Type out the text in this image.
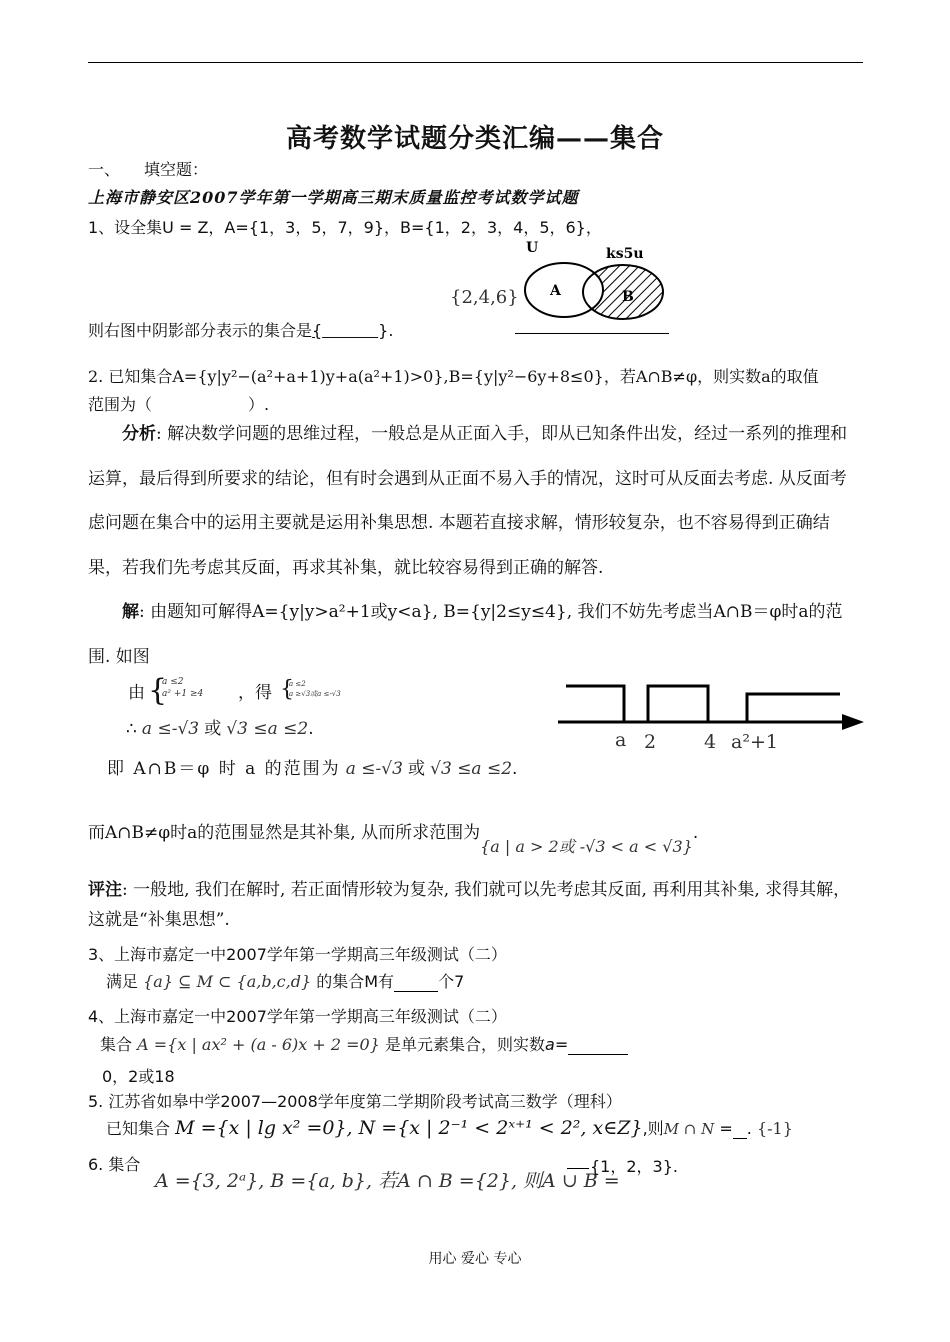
高考数学试题分类汇编——集合
一、　　填空题：
上海市静安区2007学年第一学期高三期末质量监控考试数学试题
1、设全集U = Z，A={1，3，5，7，9}，B={1，2，3，4，5，6}，
U	ks5u
A	B
{2,4,6}
则右图中阴影部分表示的集合是{	}.
2. 已知集合A={y|y²−(a²+a+1)y+a(a²+1)>0},B={y|y²−6y+8≤0}，若A∩B≠φ，则实数a的取值
范围为（　　　　　　）.
分析: 解决数学问题的思维过程，一般总是从正面入手，即从已知条件出发，经过一系列的推理和运算，最后得到所要求的结论，但有时会遇到从正面不易入手的情况，这时可从反面去考虑. 从反面考虑问题在集合中的运用主要就是运用补集思想. 本题若直接求解，情形较复杂，也不容易得到正确结果，若我们先考虑其反面，再求其补集，就比较容易得到正确的解答.
解: 由题知可解得A={y|y>a²+1或y<a}, B={y|2≤y≤4}, 我们不妨先考虑当A∩B＝φ时a的范围. 如图
由 {
a ≤2
a² +1 ≥4 ，得 {
a ≤2
a ≥√3或a ≤-√3
∴ a ≤-√3 或 √3 ≤a ≤2.
即 A∩B＝φ 时 a 的范围为 a ≤-√3 或 √3 ≤a ≤2.
a 2	4 a²+1
而A∩B≠φ时a的范围显然是其补集, 从而所求范围为{a | a > 2或 -√3 < a < √3}.
评注: 一般地, 我们在解时, 若正面情形较为复杂, 我们就可以先考虑其反面, 再利用其补集, 求得其解，这就是“补集思想”.
3、上海市嘉定一中2007学年第一学期高三年级测试（二）
满足 {a} ⊆ M ⊂ {a,b,c,d} 的集合M有	个7
4、上海市嘉定一中2007学年第一学期高三年级测试（二）
集合 A ={x | ax² + (a - 6)x + 2 =0} 是单元素集合，则实数a=
0，2或18
5. 江苏省如皋中学2007—2008学年度第二学期阶段考试高三数学（理科）
已知集合 M ={x | lg x² =0}, N ={x | 2⁻¹ < 2ˣ⁺¹ < 2², x∈Z},则M ∩ N = . {-1}
6. 集合
A ={3, 2ᵃ}, B ={a, b}, 若A ∩ B ={2}, 则A ∪ B =
{1，2，3}.
用心 爱心 专心
